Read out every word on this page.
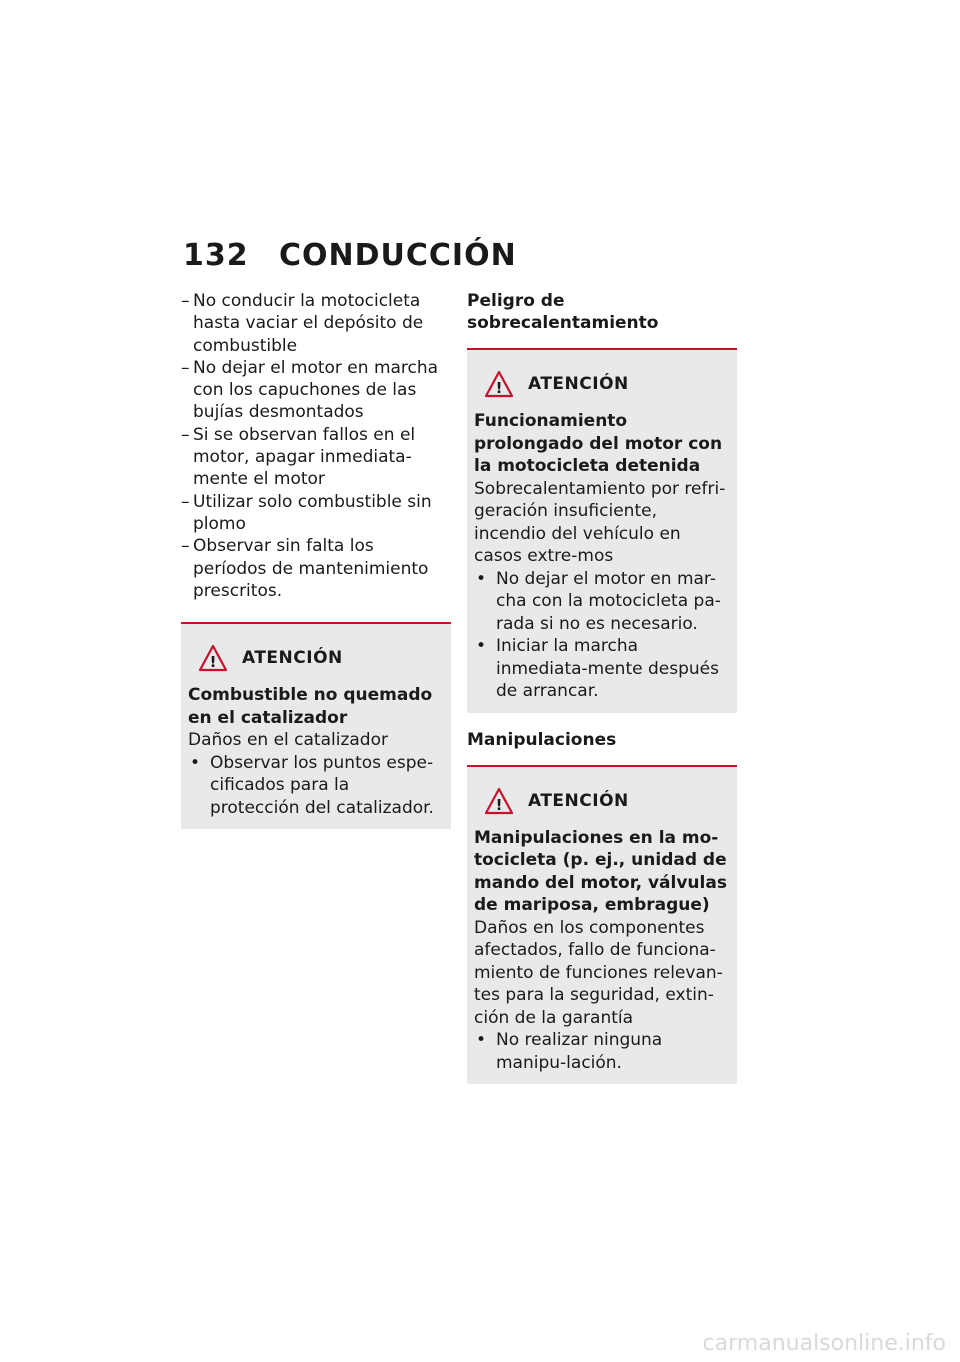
132	CONDUCCIÓN
– No conducir la motocicleta hasta vaciar el depósito de combustible
– No dejar el motor en marcha con los capuchones de las bujías desmontados
– Si se observan fallos en el motor, apagar inmediata-mente el motor
– Utilizar solo combustible sin plomo
– Observar sin falta los períodos de mantenimiento prescritos.
! ATENCIÓN
Combustible no quemado en el catalizador
Daños en el catalizador
• Observar los puntos espe-cificados para la protección del catalizador.
Peligro de sobrecalentamiento
! ATENCIÓN
Funcionamiento prolongado del motor con la motocicleta detenida
Sobrecalentamiento por refri-geración insuficiente, incendio del vehículo en casos extre-mos
• No dejar el motor en mar-cha con la motocicleta pa-rada si no es necesario.
• Iniciar la marcha inmediata-mente después de arrancar.
Manipulaciones
! ATENCIÓN
Manipulaciones en la mo-tocicleta (p. ej., unidad de mando del motor, válvulas de mariposa, embrague)
Daños en los componentes afectados, fallo de funciona-miento de funciones relevan-tes para la seguridad, extin-ción de la garantía
• No realizar ninguna manipu-lación.
carmanualsonline.info
